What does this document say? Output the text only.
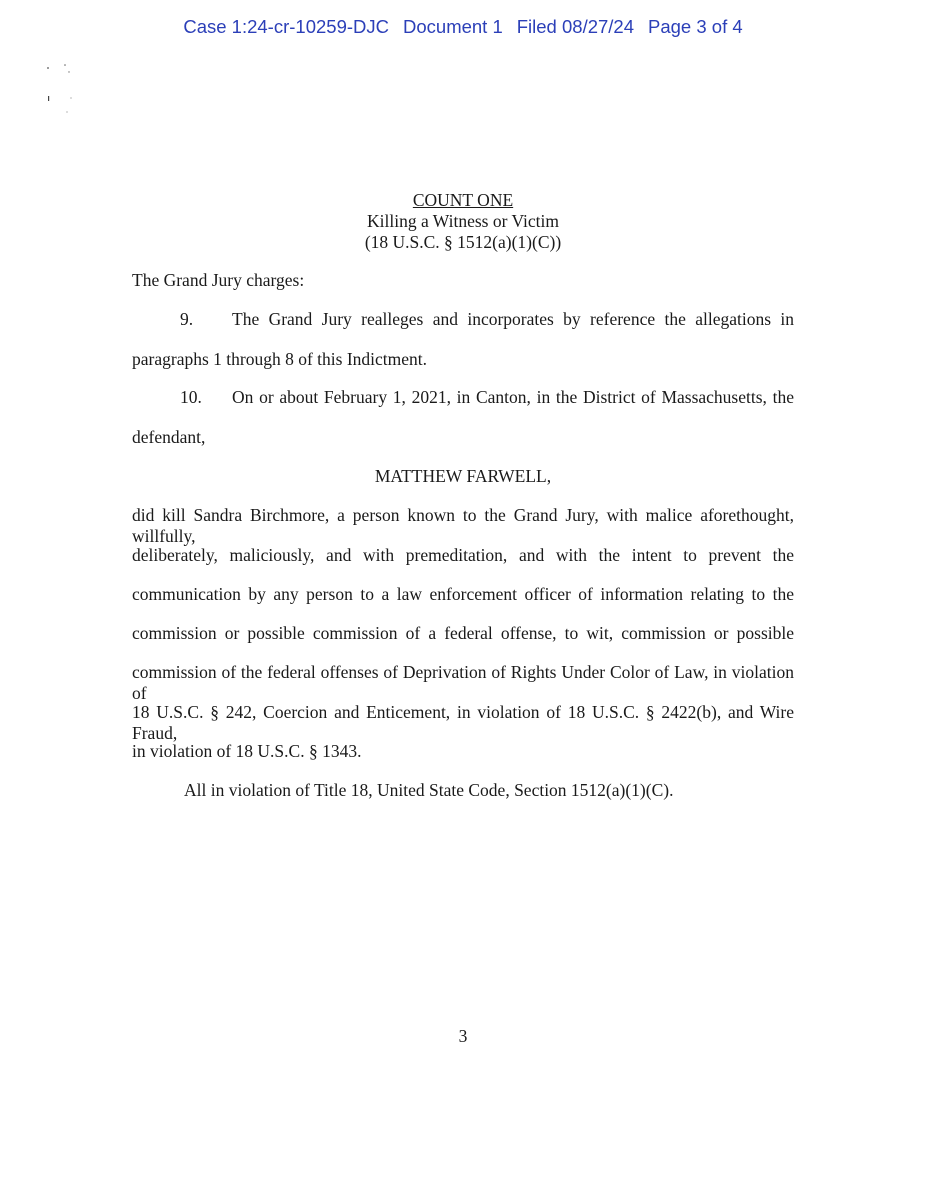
Case 1:24-cr-10259-DJC Document 1 Filed 08/27/24 Page 3 of 4
COUNT ONE
Killing a Witness or Victim
(18 U.S.C. § 1512(a)(1)(C))
The Grand Jury charges:
9. The Grand Jury realleges and incorporates by reference the allegations in
paragraphs 1 through 8 of this Indictment.
10. On or about February 1, 2021, in Canton, in the District of Massachusetts, the
defendant,
MATTHEW FARWELL,
did kill Sandra Birchmore, a person known to the Grand Jury, with malice aforethought, willfully,
deliberately, maliciously, and with premeditation, and with the intent to prevent the
communication by any person to a law enforcement officer of information relating to the
commission or possible commission of a federal offense, to wit, commission or possible
commission of the federal offenses of Deprivation of Rights Under Color of Law, in violation of
18 U.S.C. § 242, Coercion and Enticement, in violation of 18 U.S.C. § 2422(b), and Wire Fraud,
in violation of 18 U.S.C. § 1343.
All in violation of Title 18, United State Code, Section 1512(a)(1)(C).
3
